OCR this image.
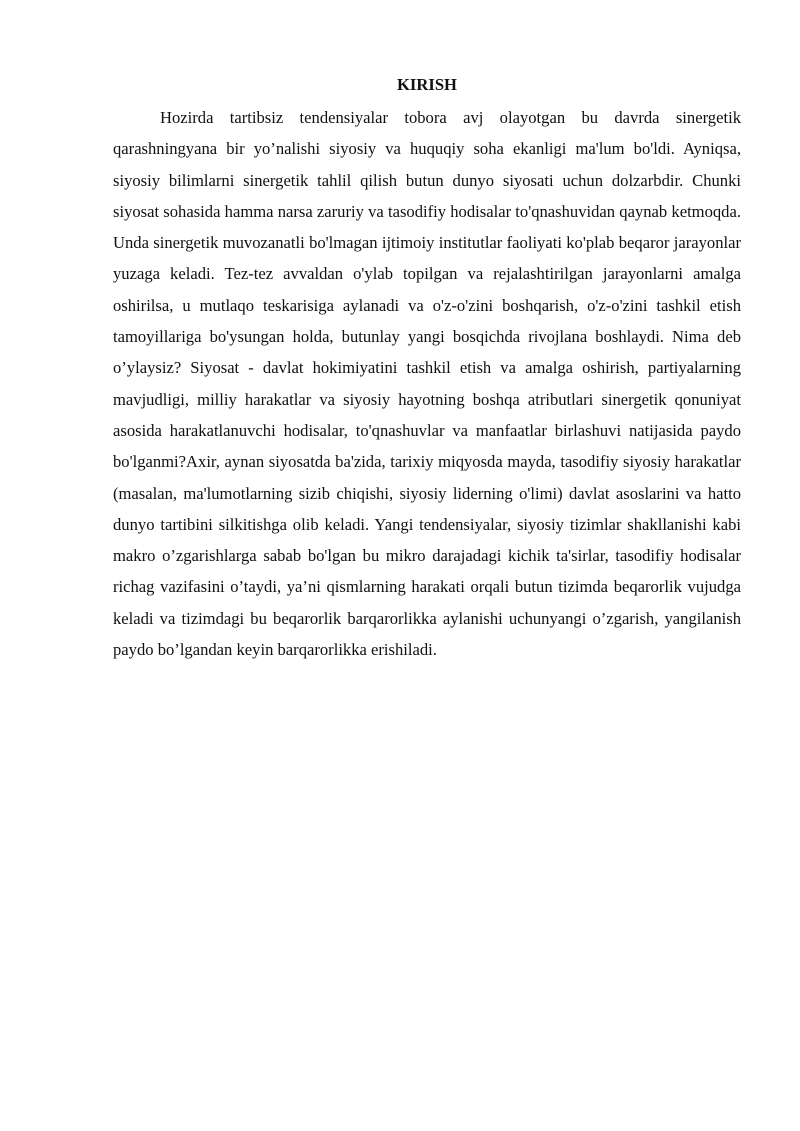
KIRISH

Hozirda tartibsiz tendensiyalar tobora avj olayotgan bu davrda sinergetik qarashningyana bir yo’nalishi siyosiy va huquqiy soha ekanligi ma'lum bo'ldi. Ayniqsa, siyosiy bilimlarni sinergetik tahlil qilish butun dunyo siyosati uchun dolzarbdir. Chunki siyosat sohasida hamma narsa zaruriy va tasodifiy hodisalar to'qnashuvidan qaynab ketmoqda. Unda sinergetik muvozanatli bo'lmagan ijtimoiy institutlar faoliyati ko'plab beqaror jarayonlar yuzaga keladi. Tez-tez avvaldan o'ylab topilgan va rejalashtirilgan jarayonlarni amalga oshirilsa, u mutlaqo teskarisiga aylanadi va o'z-o'zini boshqarish, o'z-o'zini tashkil etish tamoyillariga bo'ysungan holda, butunlay yangi bosqichda rivojlana boshlaydi. Nima deb o’ylaysiz? Siyosat - davlat hokimiyatini tashkil etish va amalga oshirish, partiyalarning mavjudligi, milliy harakatlar va siyosiy hayotning boshqa atributlari sinergetik qonuniyat asosida harakatlanuvchi hodisalar, to'qnashuvlar va manfaatlar birlashuvi natijasida paydo bo'lganmi?Axir, aynan siyosatda ba'zida, tarixiy miqyosda mayda, tasodifiy siyosiy harakatlar (masalan, ma'lumotlarning sizib chiqishi, siyosiy liderning o'limi) davlat asoslarini va hatto dunyo tartibini silkitishga olib keladi. Yangi tendensiyalar, siyosiy tizimlar shakllanishi kabi makro o’zgarishlarga sabab bo'lgan bu mikro darajadagi kichik ta'sirlar, tasodifiy hodisalar richag vazifasini o’taydi, ya’ni qismlarning harakati orqali butun tizimda beqarorlik vujudga keladi va tizimdagi bu beqarorlik barqarorlikka aylanishi uchunyangi o’zgarish, yangilanish paydo bo’lgandan keyin barqarorlikka erishiladi.
